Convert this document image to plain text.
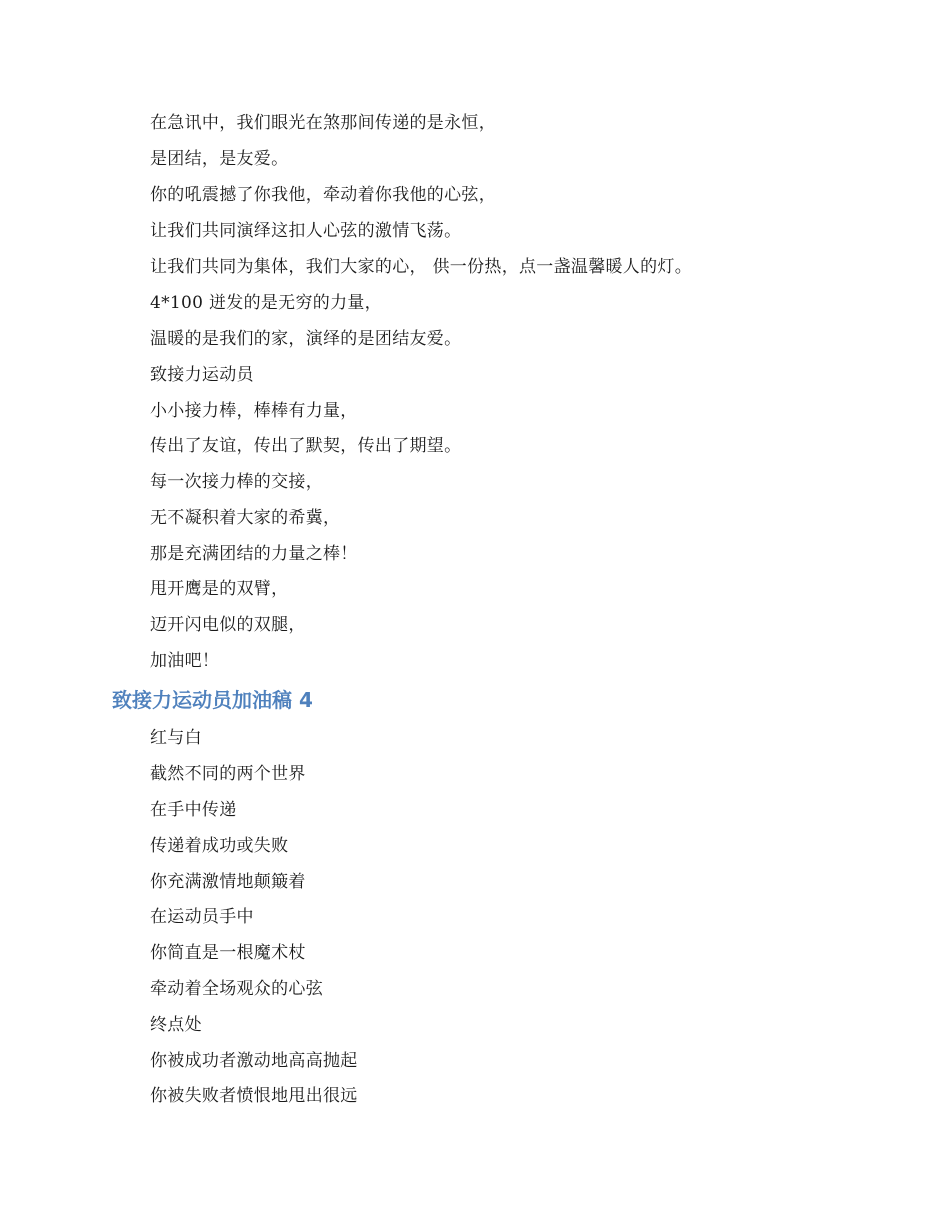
在急讯中，我们眼光在煞那间传递的是永恒，
是团结，是友爱。
你的吼震撼了你我他，牵动着你我他的心弦，
让我们共同演绎这扣人心弦的激情飞荡。
让我们共同为集体，我们大家的心， 供一份热，点一盏温馨暖人的灯。
4*100 迸发的是无穷的力量，
温暖的是我们的家，演绎的是团结友爱。
致接力运动员
小小接力棒，棒棒有力量，
传出了友谊，传出了默契，传出了期望。
每一次接力棒的交接，
无不凝积着大家的希冀，
那是充满团结的力量之棒！
甩开鹰是的双臂，
迈开闪电似的双腿，
加油吧！
致接力运动员加油稿 4
红与白
截然不同的两个世界
在手中传递
传递着成功或失败
你充满激情地颠簸着
在运动员手中
你简直是一根魔术杖
牵动着全场观众的心弦
终点处
你被成功者激动地高高抛起
你被失败者愤恨地甩出很远
